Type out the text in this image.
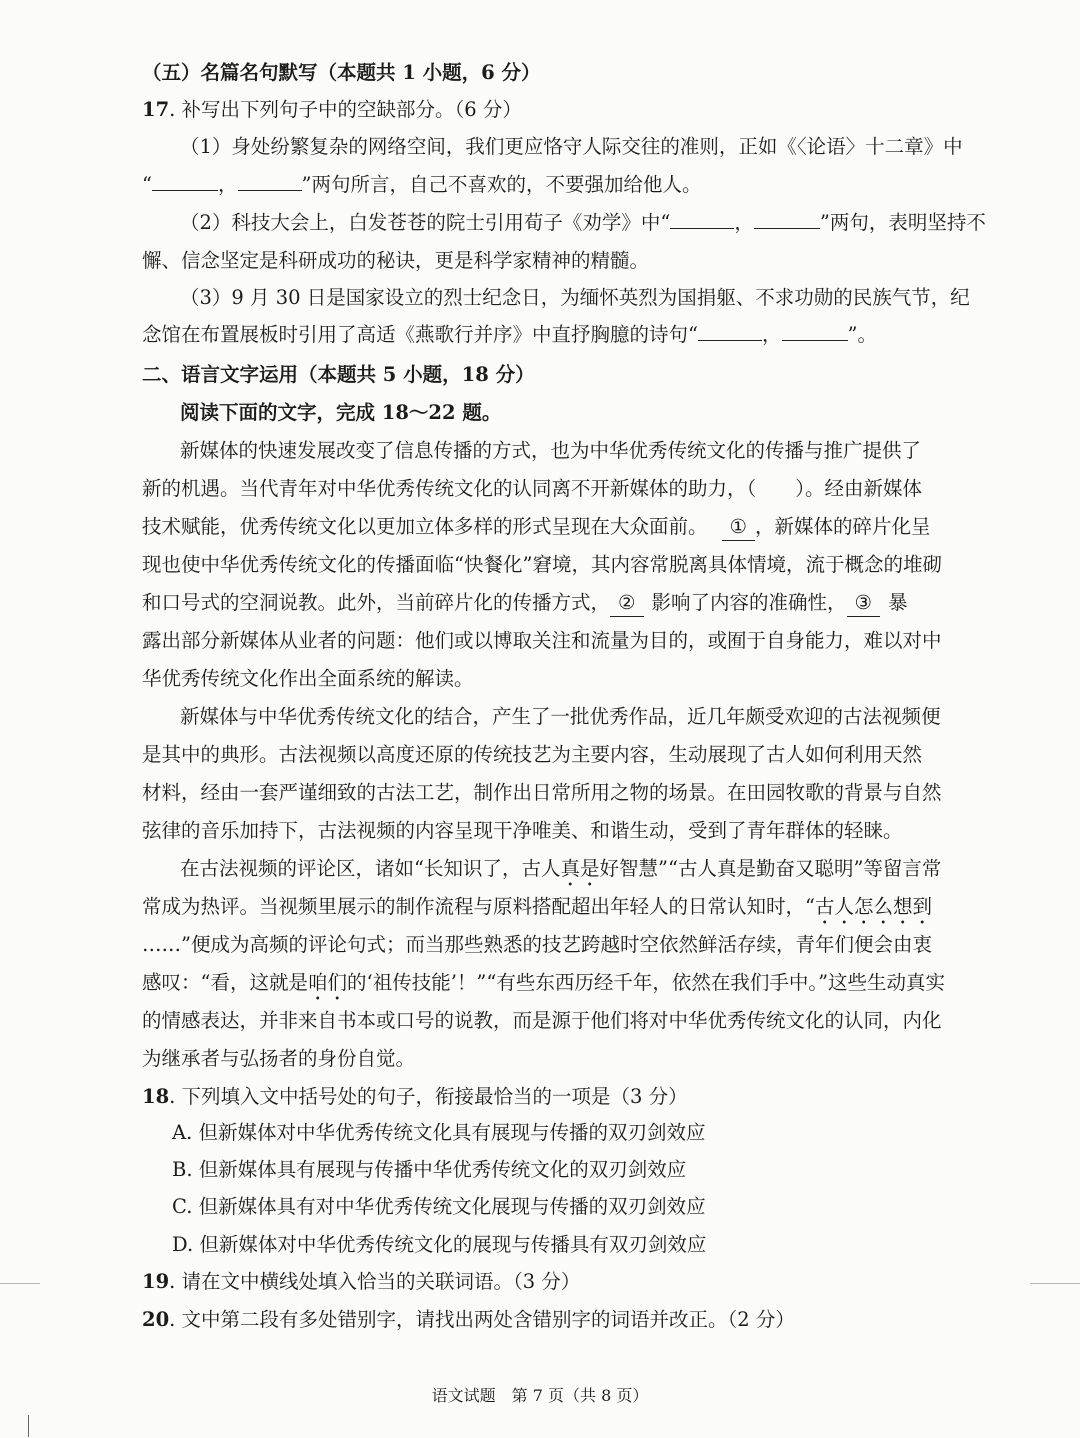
（五）名篇名句默写（本题共 1 小题，6 分）
17. 补写出下列句子中的空缺部分。（6 分）
（1）身处纷繁复杂的网络空间，我们更应恪守人际交往的准则，正如《〈论语〉十二章》中
“	，	”两句所言，自己不喜欢的，不要强加给他人。
（2）科技大会上，白发苍苍的院士引用荀子《劝学》中“	，	”两句，表明坚持不
懈、信念坚定是科研成功的秘诀，更是科学家精神的精髓。
（3）9 月 30 日是国家设立的烈士纪念日，为缅怀英烈为国捐躯、不求功勋的民族气节，纪
念馆在布置展板时引用了高适《燕歌行并序》中直抒胸臆的诗句“	，	”。
二、语言文字运用（本题共 5 小题，18 分）
阅读下面的文字，完成 18～22 题。
新媒体的快速发展改变了信息传播的方式，也为中华优秀传统文化的传播与推广提供了
新的机遇。当代青年对中华优秀传统文化的认同离不开新媒体的助力，（　　）。经由新媒体
技术赋能，优秀传统文化以更加立体多样的形式呈现在大众面前。 ① ，新媒体的碎片化呈
现也使中华优秀传统文化的传播面临“快餐化”窘境，其内容常脱离具体情境，流于概念的堆砌
和口号式的空洞说教。此外，当前碎片化的传播方式， ② 影响了内容的准确性， ③ 暴
露出部分新媒体从业者的问题：他们或以博取关注和流量为目的，或囿于自身能力，难以对中
华优秀传统文化作出全面系统的解读。
新媒体与中华优秀传统文化的结合，产生了一批优秀作品，近几年颇受欢迎的古法视频便
是其中的典形。古法视频以高度还原的传统技艺为主要内容，生动展现了古人如何利用天然
材料，经由一套严谨细致的古法工艺，制作出日常所用之物的场景。在田园牧歌的背景与自然
弦律的音乐加持下，古法视频的内容呈现干净唯美、和谐生动，受到了青年群体的轻睐。
在古法视频的评论区，诸如“长知识了，古人真是好智慧”“古人真是勤奋又聪明”等留言常
常成为热评。当视频里展示的制作流程与原料搭配超出年轻人的日常认知时，“古人怎么想到
……”便成为高频的评论句式；而当那些熟悉的技艺跨越时空依然鲜活存续，青年们便会由衷
感叹：“看，这就是咱们的‘祖传技能’！”“有些东西历经千年，依然在我们手中。”这些生动真实
的情感表达，并非来自书本或口号的说教，而是源于他们将对中华优秀传统文化的认同，内化
为继承者与弘扬者的身份自觉。
18. 下列填入文中括号处的句子，衔接最恰当的一项是（3 分）
A. 但新媒体对中华优秀传统文化具有展现与传播的双刃剑效应
B. 但新媒体具有展现与传播中华优秀传统文化的双刃剑效应
C. 但新媒体具有对中华优秀传统文化展现与传播的双刃剑效应
D. 但新媒体对中华优秀传统文化的展现与传播具有双刃剑效应
19. 请在文中横线处填入恰当的关联词语。（3 分）
20. 文中第二段有多处错别字，请找出两处含错别字的词语并改正。（2 分）
语文试题　第 7 页（共 8 页）
